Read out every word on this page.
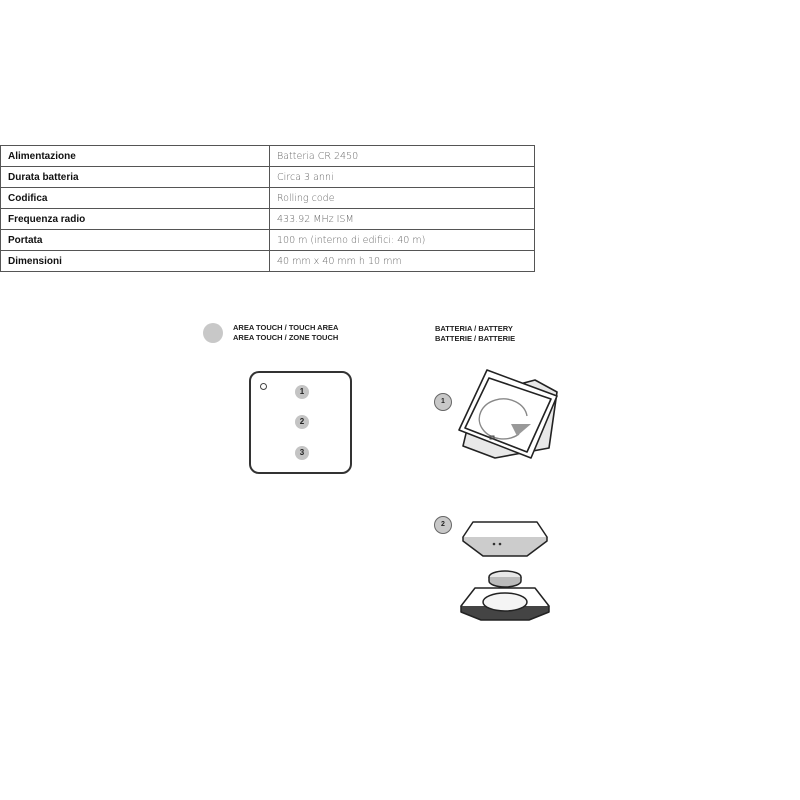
Alimentazione	Batteria CR 2450
Durata batteria	Circa 3 anni
Codifica	Rolling code
Frequenza radio	433.92 MHz ISM
Portata	100 m (interno di edifici: 40 m)
Dimensioni	40 mm x 40 mm h 10 mm
AREA TOUCH / TOUCH AREA
AREA TOUCH / ZONE TOUCH
BATTERIA / BATTERY
BATTERIE / BATTERIE
1
2
3
1
2
